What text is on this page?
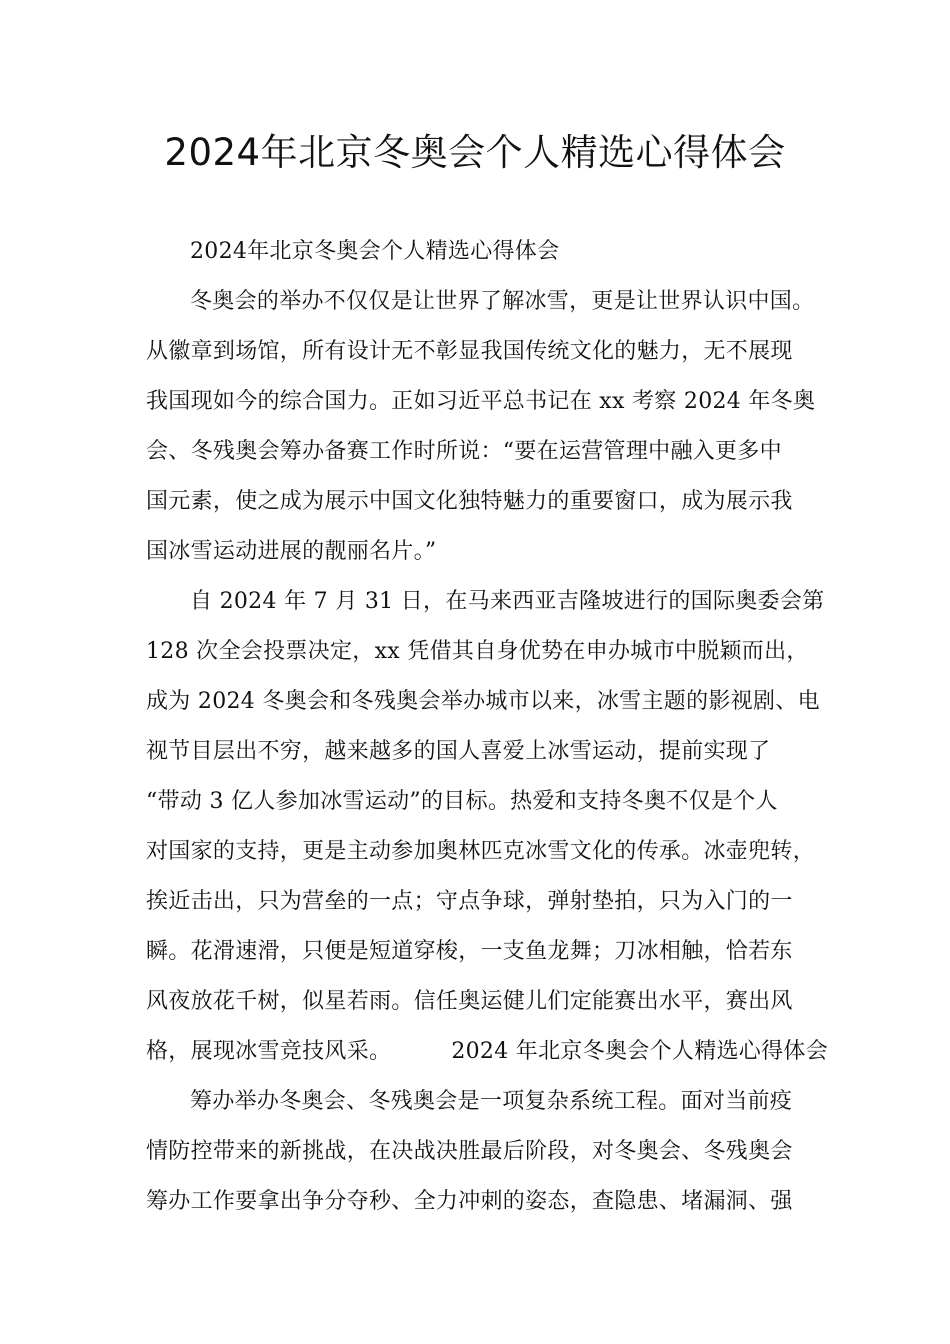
2024年北京冬奥会个人精选心得体会
2024年北京冬奥会个人精选心得体会
冬奥会的举办不仅仅是让世界了解冰雪，更是让世界认识中国。
从徽章到场馆，所有设计无不彰显我国传统文化的魅力，无不展现
我国现如今的综合国力。正如习近平总书记在 xx 考察 2024 年冬奥
会、冬残奥会筹办备赛工作时所说：“要在运营管理中融入更多中
国元素，使之成为展示中国文化独特魅力的重要窗口，成为展示我
国冰雪运动进展的靓丽名片。”
自 2024 年 7 月 31 日，在马来西亚吉隆坡进行的国际奥委会第
128 次全会投票决定，xx 凭借其自身优势在申办城市中脱颖而出，
成为 2024 冬奥会和冬残奥会举办城市以来，冰雪主题的影视剧、电
视节目层出不穷，越来越多的国人喜爱上冰雪运动，提前实现了
“带动 3 亿人参加冰雪运动”的目标。热爱和支持冬奥不仅是个人
对国家的支持，更是主动参加奥林匹克冰雪文化的传承。冰壶兜转，
挨近击出，只为营垒的一点；守点争球，弹射垫拍，只为入门的一
瞬。花滑速滑，只便是短道穿梭，一支鱼龙舞；刀冰相触，恰若东
风夜放花千树，似星若雨。信任奥运健儿们定能赛出水平，赛出风
格，展现冰雪竞技风采。	2024 年北京冬奥会个人精选心得体会
筹办举办冬奥会、冬残奥会是一项复杂系统工程。面对当前疫
情防控带来的新挑战，在决战决胜最后阶段，对冬奥会、冬残奥会
筹办工作要拿出争分夺秒、全力冲刺的姿态，查隐患、堵漏洞、强
